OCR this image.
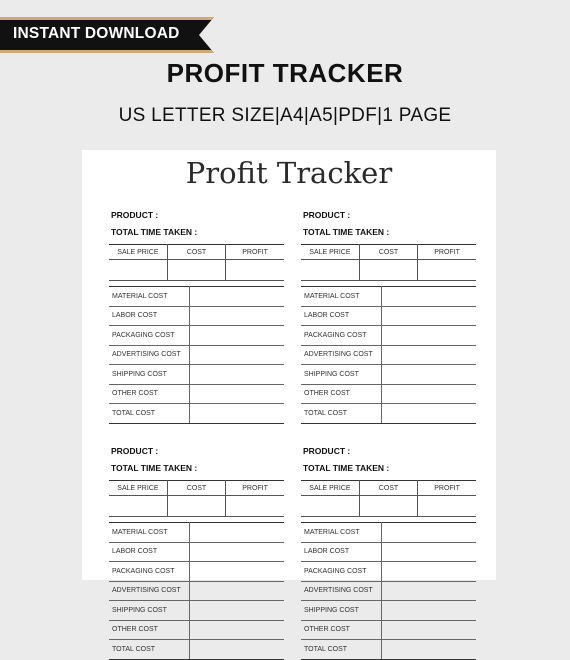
INSTANT DOWNLOAD
PROFIT TRACKER
US LETTER SIZE|A4|A5|PDF|1 PAGE
Profit Tracker
PRODUCT :
TOTAL TIME TAKEN :
SALE PRICE	COST	PROFIT

MATERIAL COST	
LABOR COST	
PACKAGING COST	
ADVERTISING COST	
SHIPPING COST	
OTHER COST	
TOTAL COST	
PRODUCT :
TOTAL TIME TAKEN :
SALE PRICE	COST	PROFIT

MATERIAL COST	
LABOR COST	
PACKAGING COST	
ADVERTISING COST	
SHIPPING COST	
OTHER COST	
TOTAL COST	
PRODUCT :
TOTAL TIME TAKEN :
SALE PRICE	COST	PROFIT

MATERIAL COST	
LABOR COST	
PACKAGING COST	
ADVERTISING COST	
SHIPPING COST	
OTHER COST	
TOTAL COST	
PRODUCT :
TOTAL TIME TAKEN :
SALE PRICE	COST	PROFIT

MATERIAL COST	
LABOR COST	
PACKAGING COST	
ADVERTISING COST	
SHIPPING COST	
OTHER COST	
TOTAL COST	
